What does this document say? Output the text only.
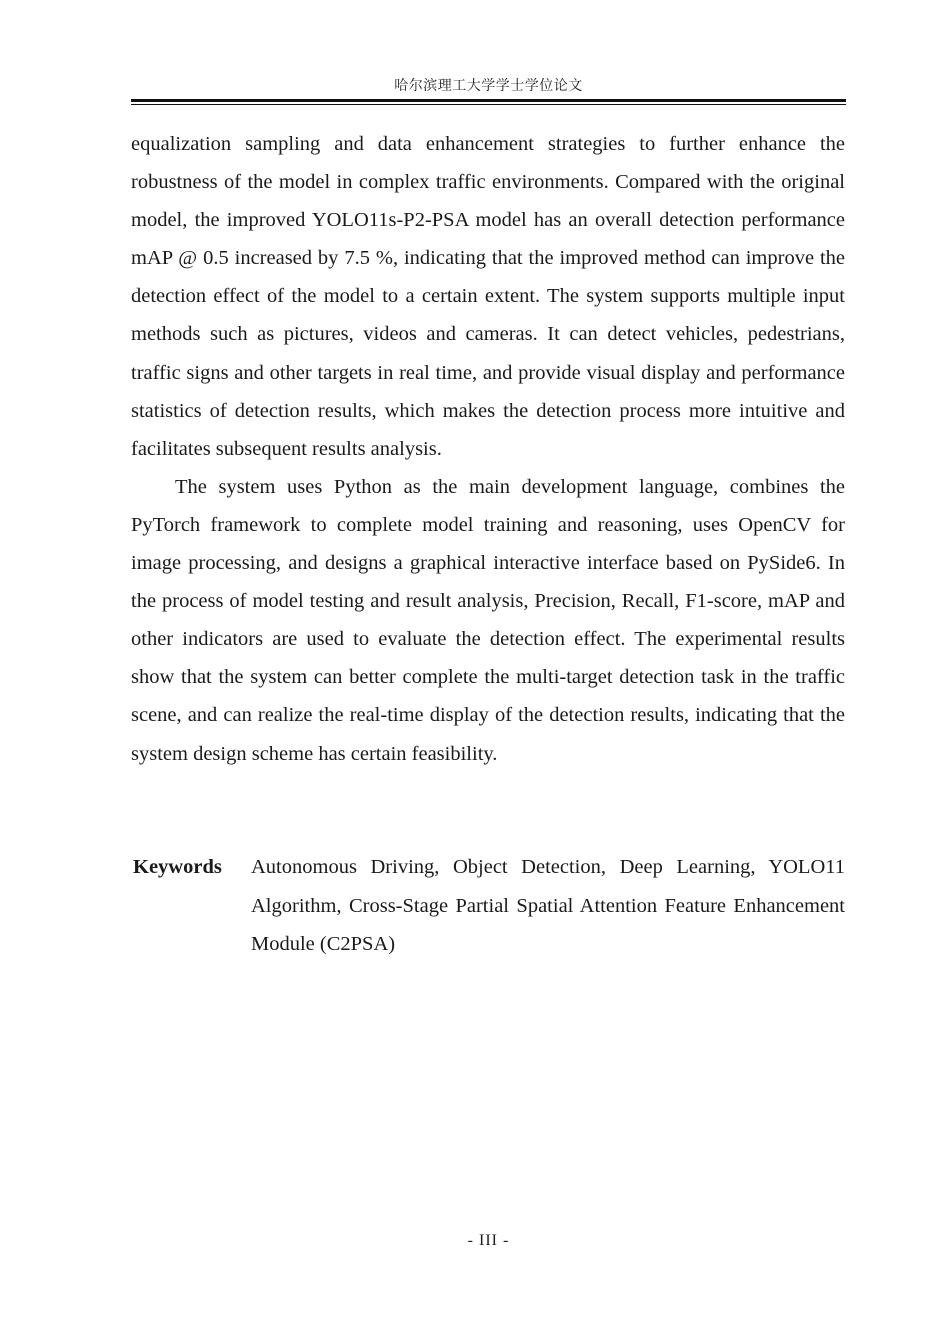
哈尔滨理工大学学士学位论文

equalization sampling and data enhancement strategies to further enhance the robustness of the model in complex traffic environments. Compared with the original model, the improved YOLO11s-P2-PSA model has an overall detection performance mAP @ 0.5 increased by 7.5 %, indicating that the improved method can improve the detection effect of the model to a certain extent. The system supports multiple input methods such as pictures, videos and cameras. It can detect vehicles, pedestrians, traffic signs and other targets in real time, and provide visual display and performance statistics of detection results, which makes the detection process more intuitive and facilitates subsequent results analysis.

The system uses Python as the main development language, combines the PyTorch framework to complete model training and reasoning, uses OpenCV for image processing, and designs a graphical interactive interface based on PySide6. In the process of model testing and result analysis, Precision, Recall, F1-score, mAP and other indicators are used to evaluate the detection effect. The experimental results show that the system can better complete the multi-target detection task in the traffic scene, and can realize the real-time display of the detection results, indicating that the system design scheme has certain feasibility.

Keywords Autonomous Driving, Object Detection, Deep Learning, YOLO11 Algorithm, Cross-Stage Partial Spatial Attention Feature Enhancement Module (C2PSA)
- III -
